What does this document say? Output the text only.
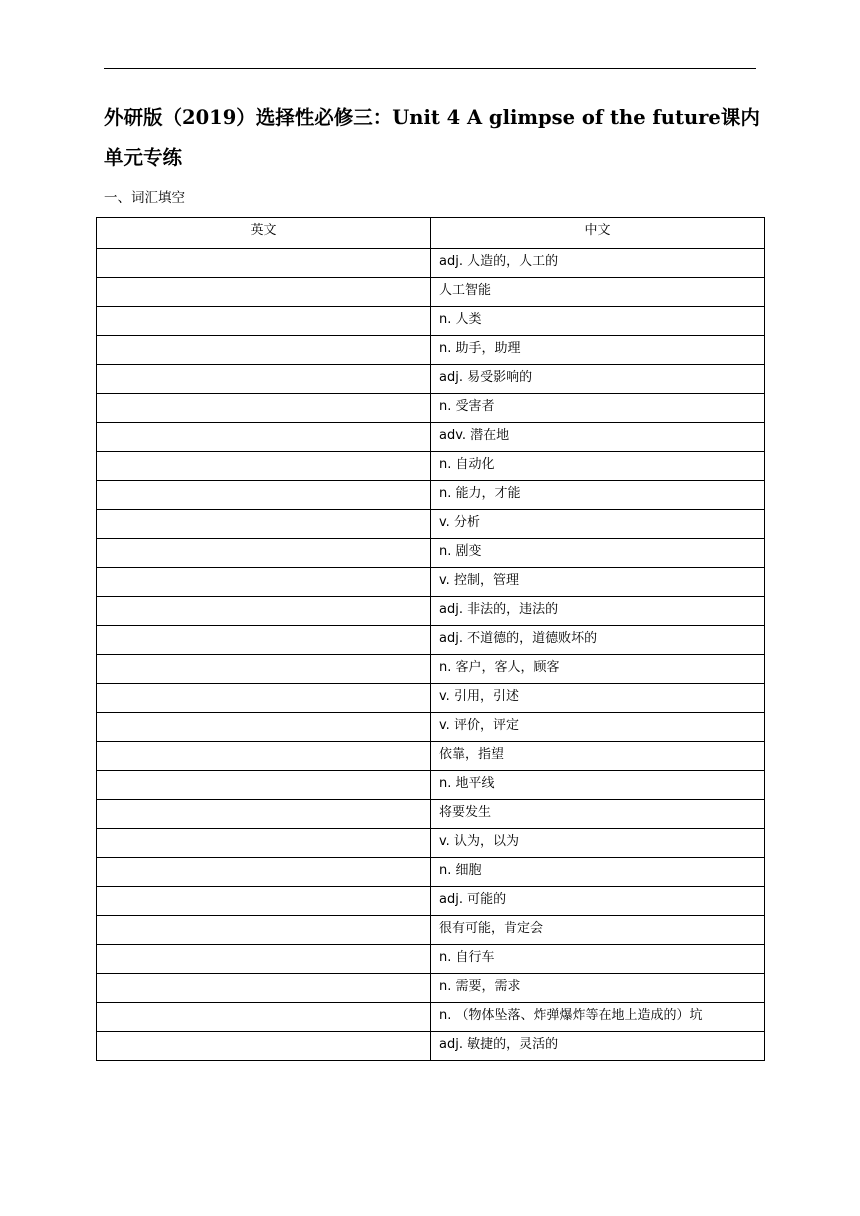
外研版（2019）选择性必修三：Unit 4 A glimpse of the future课内单元专练
一、词汇填空
英文	中文
	adj. 人造的，人工的
	人工智能
	n. 人类
	n. 助手，助理
	adj. 易受影响的
	n. 受害者
	adv. 潜在地
	n. 自动化
	n. 能力，才能
	v. 分析
	n. 剧变
	v. 控制，管理
	adj. 非法的，违法的
	adj. 不道德的，道德败坏的
	n. 客户，客人，顾客
	v. 引用，引述
	v. 评价，评定
	依靠，指望
	n. 地平线
	将要发生
	v. 认为，以为
	n. 细胞
	adj. 可能的
	很有可能，肯定会
	n. 自行车
	n. 需要，需求
	n. （物体坠落、炸弹爆炸等在地上造成的）坑
	adj. 敏捷的，灵活的
